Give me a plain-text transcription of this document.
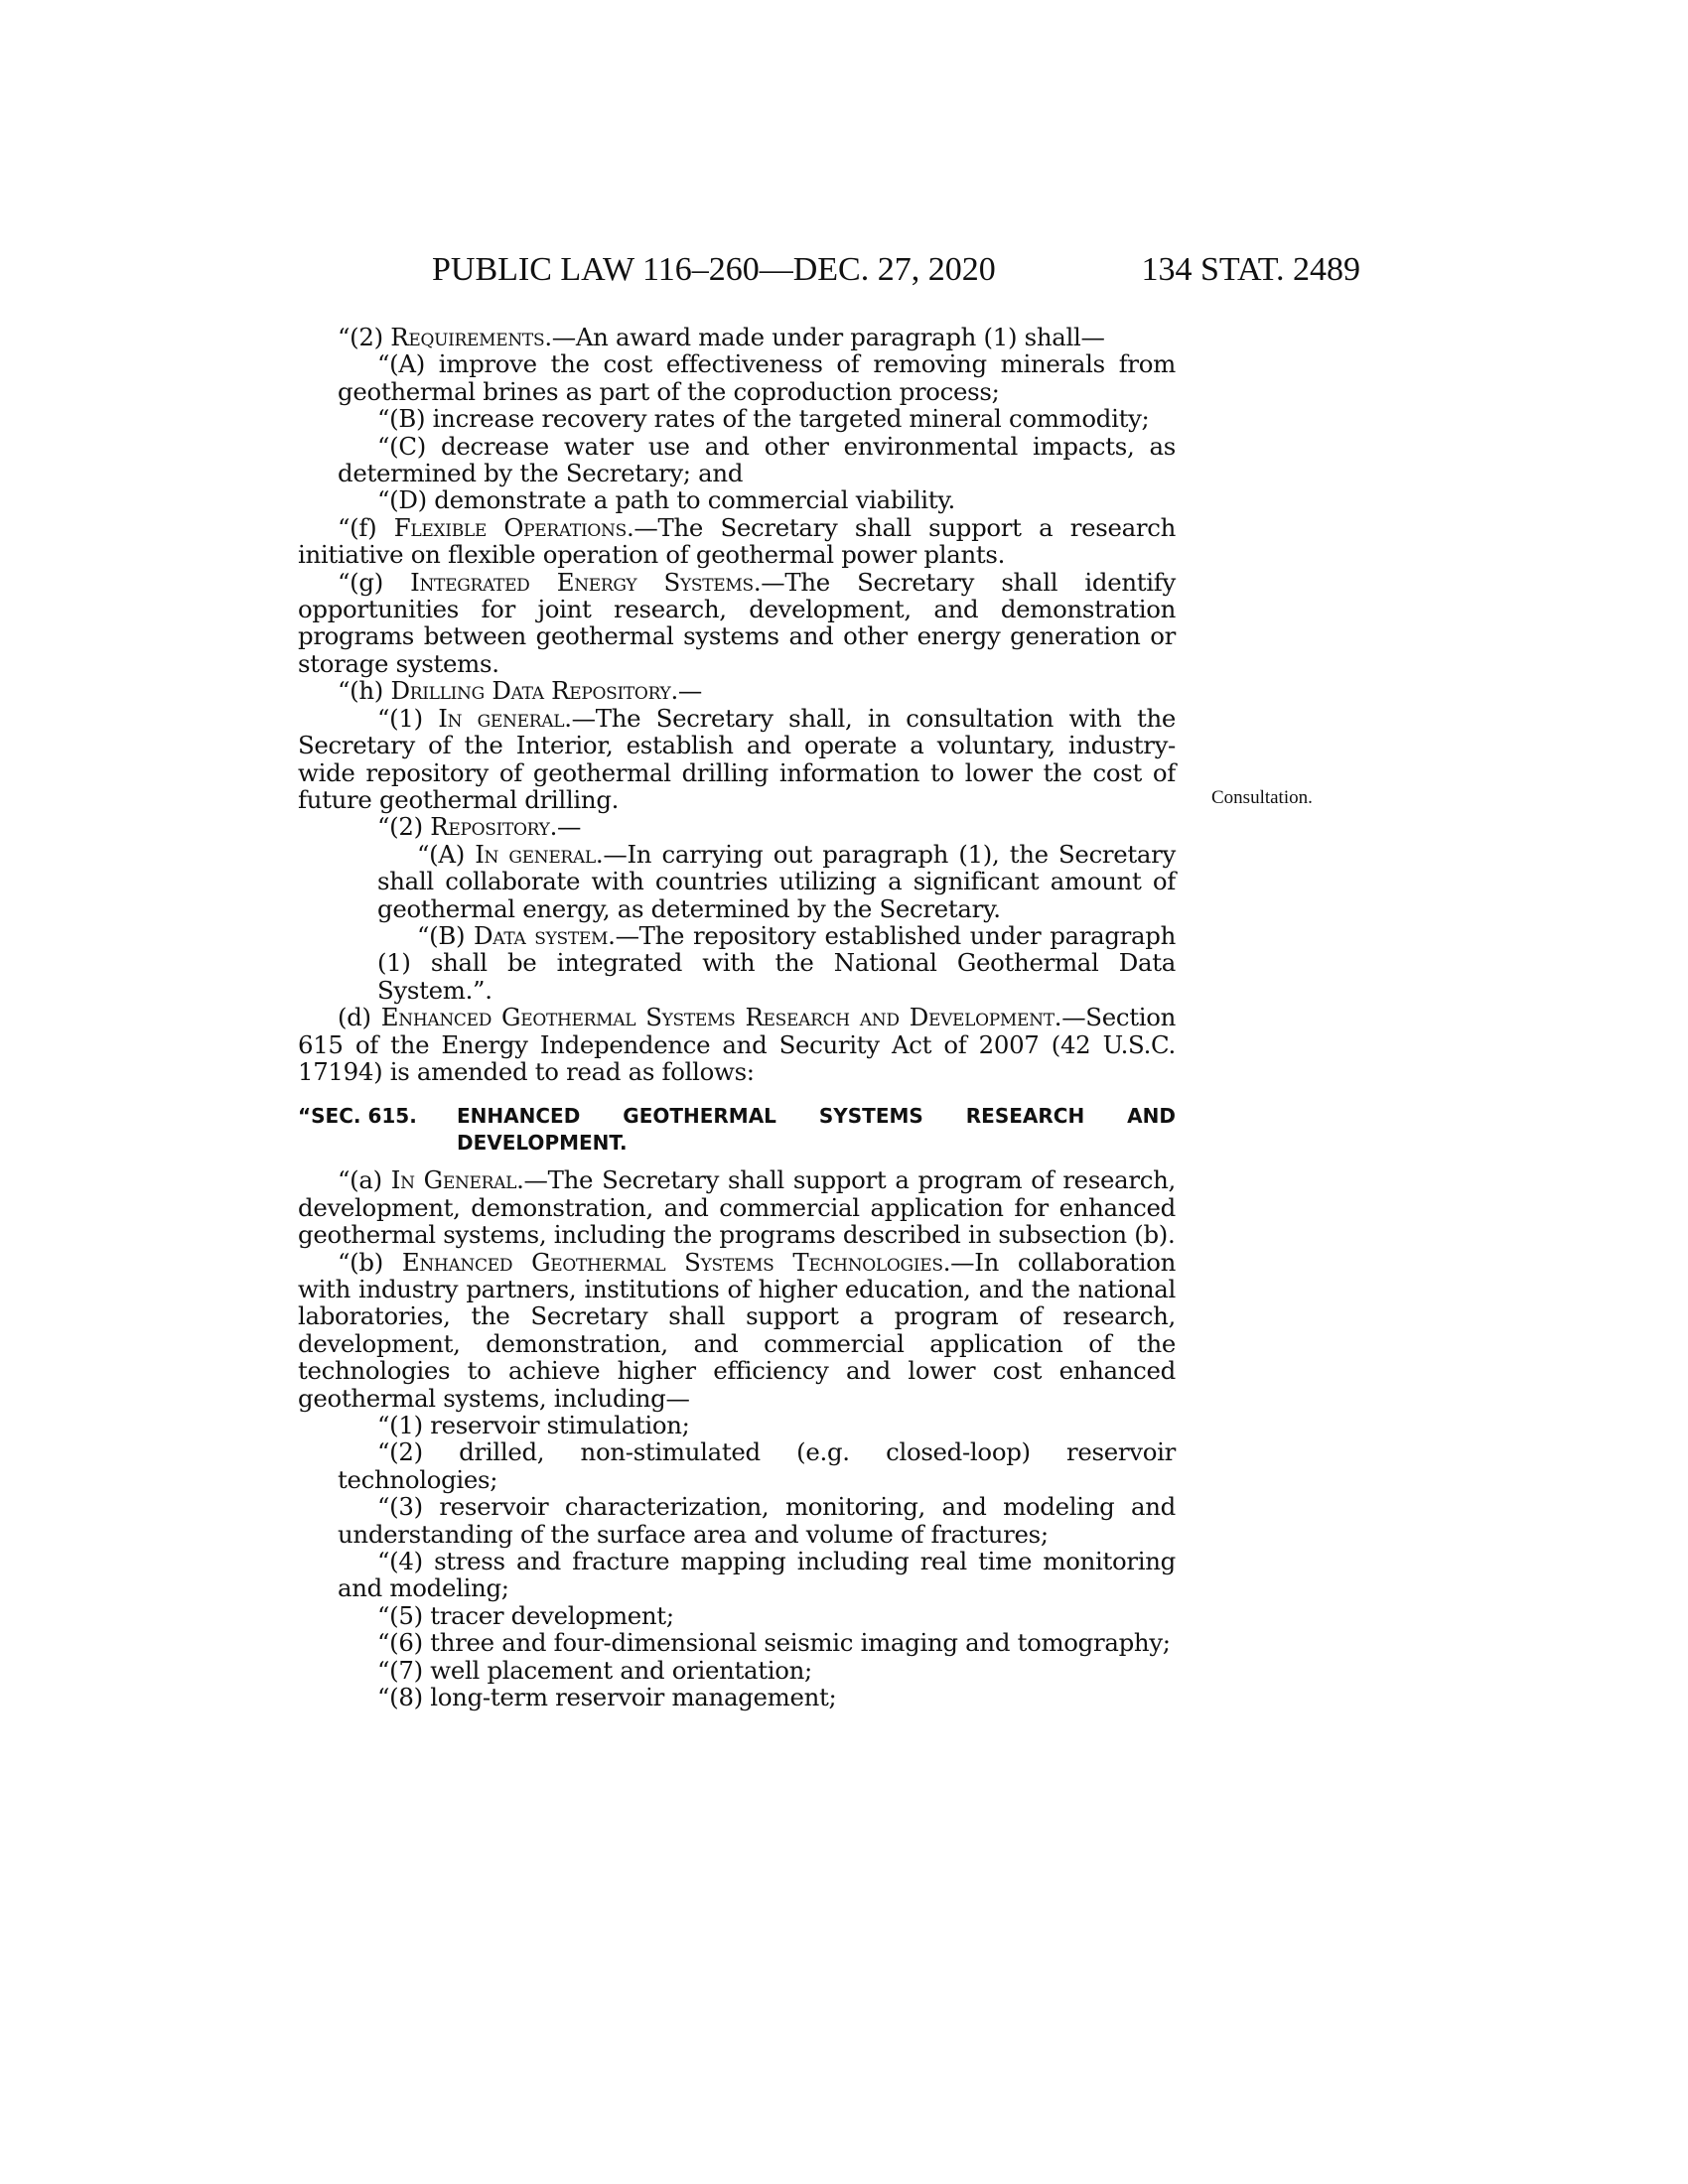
PUBLIC LAW 116–260—DEC. 27, 2020	134 STAT. 2489
Consultation.

“(2) Requirements.—An award made under paragraph (1) shall—

“(A) improve the cost effectiveness of removing minerals from geothermal brines as part of the coproduction process;

“(B) increase recovery rates of the targeted mineral commodity;

“(C) decrease water use and other environmental impacts, as determined by the Secretary; and

“(D) demonstrate a path to commercial viability.

“(f) Flexible Operations.—The Secretary shall support a research initiative on flexible operation of geothermal power plants.

“(g) Integrated Energy Systems.—The Secretary shall identify opportunities for joint research, development, and demonstration programs between geothermal systems and other energy generation or storage systems.

“(h) Drilling Data Repository.—

“(1) In general.—The Secretary shall, in consultation with the Secretary of the Interior, establish and operate a voluntary, industry-wide repository of geothermal drilling information to lower the cost of future geothermal drilling.

“(2) Repository.—

“(A) In general.—In carrying out paragraph (1), the Secretary shall collaborate with countries utilizing a significant amount of geothermal energy, as determined by the Secretary.

“(B) Data system.—The repository established under paragraph (1) shall be integrated with the National Geothermal Data System.”.

(d) Enhanced Geothermal Systems Research and Development.—Section 615 of the Energy Independence and Security Act of 2007 (42 U.S.C. 17194) is amended to read as follows:

“SEC. 615.	ENHANCED GEOTHERMAL SYSTEMS RESEARCH AND DEVELOPMENT.

“(a) In General.—The Secretary shall support a program of research, development, demonstration, and commercial application for enhanced geothermal systems, including the programs described in subsection (b).

“(b) Enhanced Geothermal Systems Technologies.—In collaboration with industry partners, institutions of higher education, and the national laboratories, the Secretary shall support a program of research, development, demonstration, and commercial application of the technologies to achieve higher efficiency and lower cost enhanced geothermal systems, including—

“(1) reservoir stimulation;

“(2) drilled, non-stimulated (e.g. closed-loop) reservoir technologies;

“(3) reservoir characterization, monitoring, and modeling and understanding of the surface area and volume of fractures;

“(4) stress and fracture mapping including real time monitoring and modeling;

“(5) tracer development;

“(6) three and four-dimensional seismic imaging and tomography;

“(7) well placement and orientation;

“(8) long-term reservoir management;
